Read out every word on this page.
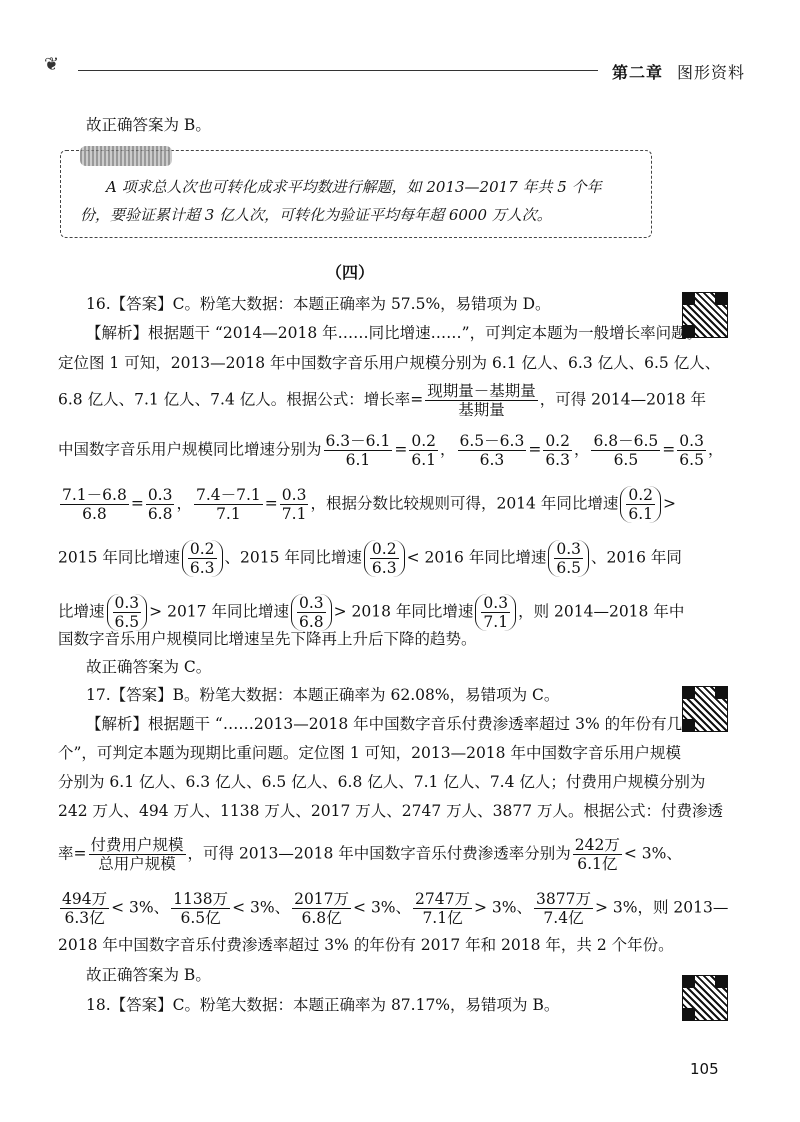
❦	第二章 图形资料
故正确答案为 B。
A 项求总人次也可转化成求平均数进行解题，如 2013—2017 年共 5 个年
份，要验证累计超 3 亿人次，可转化为验证平均每年超 6000 万人次。
（四）
16.【答案】C。粉笔大数据：本题正确率为 57.5%，易错项为 D。
【解析】根据题干 “2014—2018 年……同比增速……”，可判定本题为一般增长率问题。
定位图 1 可知，2013—2018 年中国数字音乐用户规模分别为 6.1 亿人、6.3 亿人、6.5 亿人、
6.8 亿人、7.1 亿人、7.4 亿人。根据公式：增长率= $\frac{\text{现期量－基期量}}{\text{基期量}}$ ，可得 2014—2018 年
中国数字音乐用户规模同比增速分别为 $\frac{6.3-6.1}{6.1} = \frac{0.2}{6.1}$ ， $\frac{6.5-6.3}{6.3} = \frac{0.2}{6.3}$ ， $\frac{6.8-6.5}{6.5} = \frac{0.3}{6.5}$ ，
$\frac{7.1-6.8}{6.8} = \frac{0.3}{6.8}$ ， $\frac{7.4-7.1}{7.1} = \frac{0.3}{7.1}$ ，根据分数比较规则可得，2014 年同比增速 $\frac{0.2}{6.1}$ >
2015 年同比增速 $\frac{0.2}{6.3}$ 、2015 年同比增速 $\frac{0.2}{6.3} < 2016$ 年同比增速 $\frac{0.3}{6.5}$ 、2016 年同
比增速 $\frac{0.3}{6.5} > 2017$ 年同比增速 $\frac{0.3}{6.8} > 2018$ 年同比增速 $\frac{0.3}{7.1}$ ，则 2014—2018 年中
国数字音乐用户规模同比增速呈先下降再上升后下降的趋势。
故正确答案为 C。
17.【答案】B。粉笔大数据：本题正确率为 62.08%，易错项为 C。
【解析】根据题干 “……2013—2018 年中国数字音乐付费渗透率超过 3% 的年份有几
个”，可判定本题为现期比重问题。定位图 1 可知，2013—2018 年中国数字音乐用户规模
分别为 6.1 亿人、6.3 亿人、6.5 亿人、6.8 亿人、7.1 亿人、7.4 亿人；付费用户规模分别为
242 万人、494 万人、1138 万人、2017 万人、2747 万人、3877 万人。根据公式：付费渗透
率= $\frac{\text{付费用户规模}}{\text{总用户规模}}$ ，可得 2013—2018 年中国数字音乐付费渗透率分别为 $\frac{\text{242万}}{\text{6.1亿}} < 3\%$、
$\frac{\text{494万}}{\text{6.3亿}} < 3\%$、 $\frac{\text{1138万}}{\text{6.5亿}} < 3\%$、 $\frac{\text{2017万}}{\text{6.8亿}} < 3\%$、 $\frac{\text{2747万}}{\text{7.1亿}} > 3\%$、 $\frac{\text{3877万}}{\text{7.4亿}} > 3\%$，则 2013—
2018 年中国数字音乐付费渗透率超过 3% 的年份有 2017 年和 2018 年，共 2 个年份。
故正确答案为 B。
18.【答案】C。粉笔大数据：本题正确率为 87.17%，易错项为 B。
105
